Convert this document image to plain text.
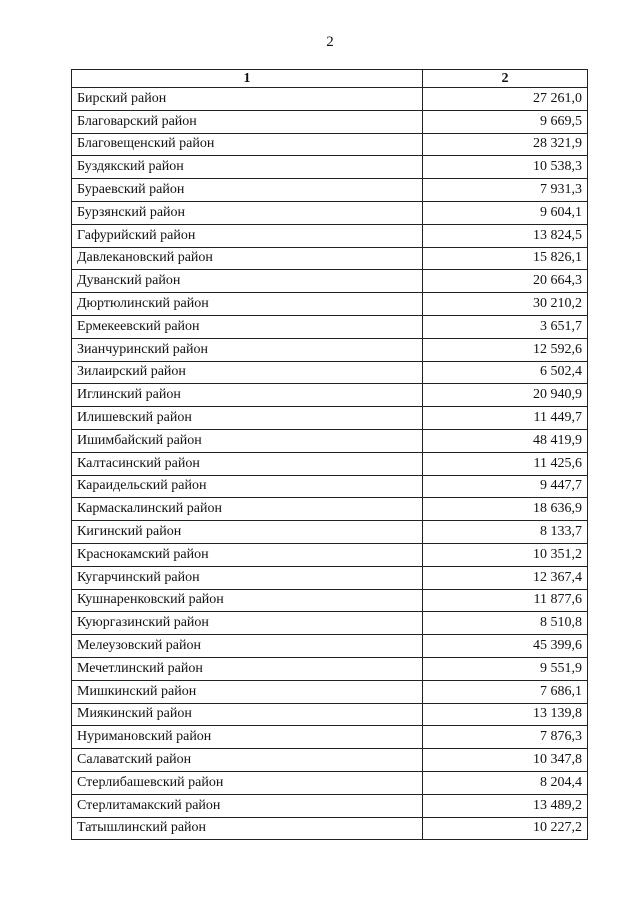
2
1	2
Бирский район	27 261,0
Благоварский район	9 669,5
Благовещенский район	28 321,9
Буздякский район	10 538,3
Бураевский район	7 931,3
Бурзянский район	9 604,1
Гафурийский район	13 824,5
Давлекановский район	15 826,1
Дуванский район	20 664,3
Дюртюлинский район	30 210,2
Ермекеевский район	3 651,7
Зианчуринский район	12 592,6
Зилаирский район	6 502,4
Иглинский район	20 940,9
Илишевский район	11 449,7
Ишимбайский район	48 419,9
Калтасинский район	11 425,6
Караидельский район	9 447,7
Кармаскалинский район	18 636,9
Кигинский район	8 133,7
Краснокамский район	10 351,2
Кугарчинский район	12 367,4
Кушнаренковский район	11 877,6
Куюргазинский район	8 510,8
Мелеузовский район	45 399,6
Мечетлинский район	9 551,9
Мишкинский район	7 686,1
Миякинский район	13 139,8
Нуримановский район	7 876,3
Салаватский район	10 347,8
Стерлибашевский район	8 204,4
Стерлитамакский район	13 489,2
Татышлинский район	10 227,2
